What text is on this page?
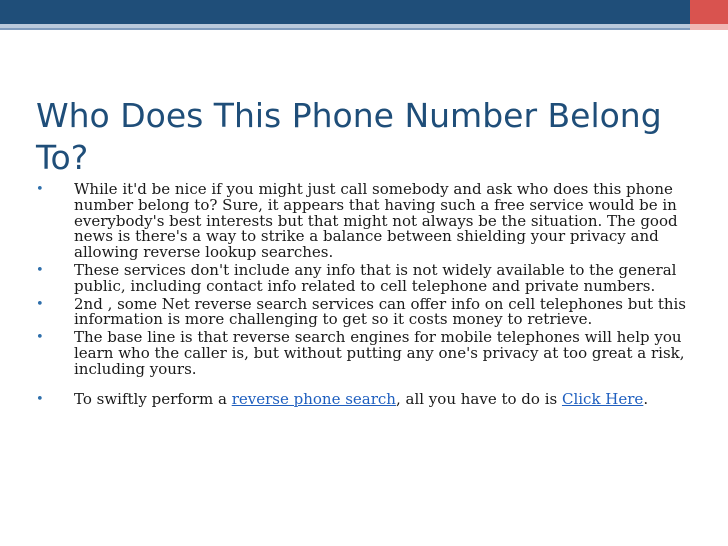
Who Does This Phone Number Belong To?
• While it'd be nice if you might just call somebody and ask who does this phone number belong to? Sure, it appears that having such a free service would be in everybody's best interests but that might not always be the situation. The good news is there's a way to strike a balance between shielding your privacy and allowing reverse lookup searches.
• These services don't include any info that is not widely available to the general public, including contact info related to cell telephone and private numbers.
• 2nd , some Net reverse search services can offer info on cell telephones but this information is more challenging to get so it costs money to retrieve.
• The base line is that reverse search engines for mobile telephones will help you learn who the caller is, but without putting any one's privacy at too great a risk, including yours.
• To swiftly perform a reverse phone search, all you have to do is Click Here.
